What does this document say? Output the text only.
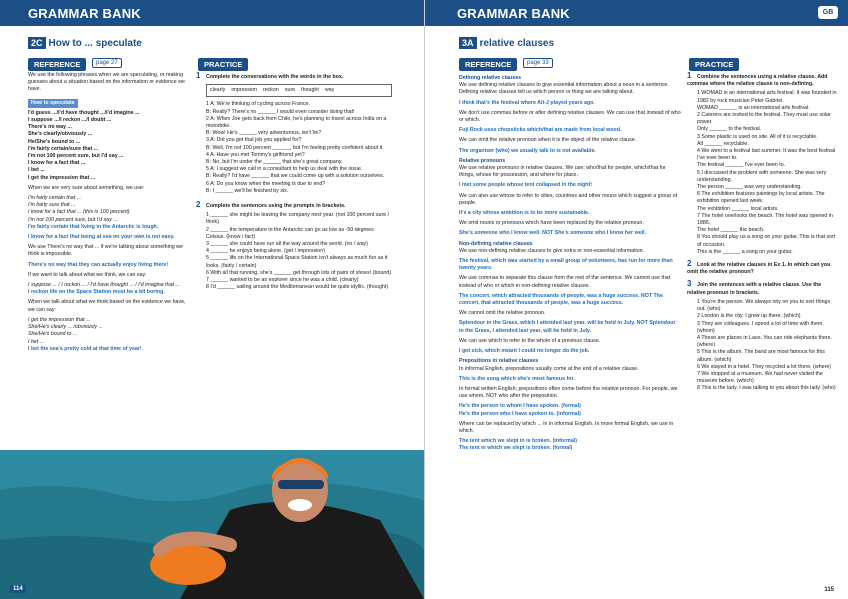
GRAMMAR BANK
2C How to ... speculate
REFERENCE	page 27	PRACTICE

We use the following phrases when we are speculating, or making guesses about a situation based on the information or evidence we have.

How to speculate
I'd guess .../I'd have thought .../I'd imagine ...
I suppose .../I reckon .../I doubt ...
There's no way ...
She's clearly/obviously ...
He/She's bound to ...
I'm fairly certain/sure that ...
I'm not 100 percent sure, but I'd say ...
I know for a fact that ...
I bet ...
I get the impression that ...

When we are very sure about something, we use:

I'm fairly certain that ...
I'm fairly sure that ...
I know for a fact that ... (this is 100 percent)
I'm not 100 percent sure, but I'd say ...

I'm fairly certain that living in the Antarctic is tough.

I know for a fact that being at sea on your own is not easy.

We use There's no way that ... if we're talking about something we think is impossible.

There's no way that they can actually enjoy living there!

If we want to talk about what we think, we can say:

I suppose ... / I reckon ... / I'd have thought ... / I'd imagine that ...

I reckon life on the Space Station must be a bit boring.

When we talk about what we think based on the evidence we have, we can say:

I get the impression that ...
She/He's clearly ... /obviously ...
She/He's bound to ...
I bet ...

I bet the sea's pretty cold at that time of year!

1 Complete the conversations with the words in the box.
clearly impression reckon sure thought way
1 A: We're thinking of cycling across France.
B: Really? There's no ______ I would even consider doing that!
2 A: When Joe gets back from Chile, he's planning to travel across India on a motorbike.
B: Wow! He's ______ very adventurous, isn't he?
3 A: Did you get that job you applied for?
B: Well, I'm not 100 percent ______, but I'm feeling pretty confident about it.
4 A: Have you met Tommy's girlfriend yet?
B: No, but I'm under the ______ that she's great company.
5 A: I suggest we call in a consultant to help us deal with the issue.
B: Really? I'd have ______ that we could come up with a solution ourselves.
6 A: Do you know when the meeting is due to end?
B: I ______ we'll be finished by six.
2 Complete the sentences using the prompts in brackets.
1 ______ she might be leaving the company next year. (not 100 percent sure / think)
2 ______ the temperature in the Antarctic can go as low as -50 degrees Celsius. (know / fact)
3 ______ she could have run all the way around the world. (no / way)
4 ______ he enjoys being alone. (get / impression)
5 ______ life on the International Space Station isn't always as much fun as it looks. (fairly / certain)
6 With all that running, she's ______ get through lots of pairs of shoes! (bound)
7 ______ wanted to be an explorer since he was a child. (clearly)
8 I'd ______ sailing around the Mediterranean would be quite idyllic. (thought)
114
GRAMMAR BANK	GB
3A relative clauses
REFERENCE	page 33	PRACTICE
Defining relative clauses

We use defining relative clauses to give essential information about a noun in a sentence. Defining relative clauses tell us which person or thing we are talking about.

I think that's the festival where Alt-J played years ago.

We don't use commas before or after defining relative clauses. We can use that instead of who or which.

Fuji Rock uses chopsticks which/that are made from local wood.

We can omit the relative pronoun when it is the object of the relative clause.

The organiser (who) we usually talk to is not available.

Relative pronouns

We use relative pronouns in relative clauses. We use: who/that for people, which/that for things, whose for possession, and where for place.

I met some people whose tent collapsed in the night!

We can also use whose to refer to cities, countries and other nouns which suggest a group of people.

It's a city whose ambition is to be more sustainable.

We omit nouns or pronouns which have been replaced by the relative pronoun.

She's someone who I know well. NOT She's someone who I know her well.

Non-defining relative clauses

We use non-defining relative clauses to give extra or non-essential information.

The festival, which was started by a small group of volunteers, has run for more than twenty years.

We use commas to separate this clause from the rest of the sentence. We cannot use that instead of who or which in non-defining relative clauses.

The concert, which attracted thousands of people, was a huge success. NOT The concert, that attracted thousands of people, was a huge success.

We cannot omit the relative pronoun.

Splendour in the Grass, which I attended last year, will be held in July. NOT Splendour in the Grass, I attended last year, will be held in July.

We can use which to refer to the whole of a previous clause.

I got sick, which meant I could no longer do the job.

Prepositions in relative clauses

In informal English, prepositions usually come at the end of a relative clause.

This is the song which she's most famous for.

In formal written English, prepositions often come before the relative pronoun. For people, we use whom, NOT who after the preposition.

He's the person to whom I have spoken. (formal)

He's the person who I have spoken to. (informal)

Where can be replaced by which ... in in informal English. In more formal English, we use in which.

The tent which we slept in is broken. (informal)

The tent in which we slept is broken. (formal)

1 Combine the sentences using a relative clause. Add commas where the relative clause is non-defining.
1 WOMAD is an international arts festival. It was founded in 1982 by rock musician Peter Gabriel.
WOMAD ______ is an international arts festival.
2 Caterers are invited to the festival. They must use solar power.
Only ______ to the festival.
3 Some plastic is used on site. All of it is recyclable.
All ______ recyclable.
4 We went to a festival last summer. It was the best festival I've ever been to.
The festival ______ I've ever been to.
5 I discussed the problem with someone. She was very understanding.
The person ______ was very understanding.
6 The exhibition features paintings by local artists. The exhibition opened last week.
The exhibition ______ local artists.
7 The hotel overlooks the beach. The hotel was opened in 1886.
The hotel ______ the beach.
8 You should play us a song on your guitar. This is that sort of occasion.
This is the ______ a song on your guitar.
2 Look at the relative clauses in Ex 1. In which can you omit the relative pronoun?
3 Join the sentences with a relative clause. Use the relative pronoun in brackets.
1 You're the person. We always rely on you to sort things out. (who)
2 London is the city. I grew up there. (which)
3 They are colleagues. I spend a lot of time with them. (whom)
4 These are places in Laos. You can ride elephants there. (where)
5 This is the album. The band are most famous for this album. (which)
6 We stayed in a hotel. They recycled a lot there. (where)
7 We stopped at a museum. We had never visited the museum before. (which)
8 This is the lady. I was talking to you about this lady. (who)
115
